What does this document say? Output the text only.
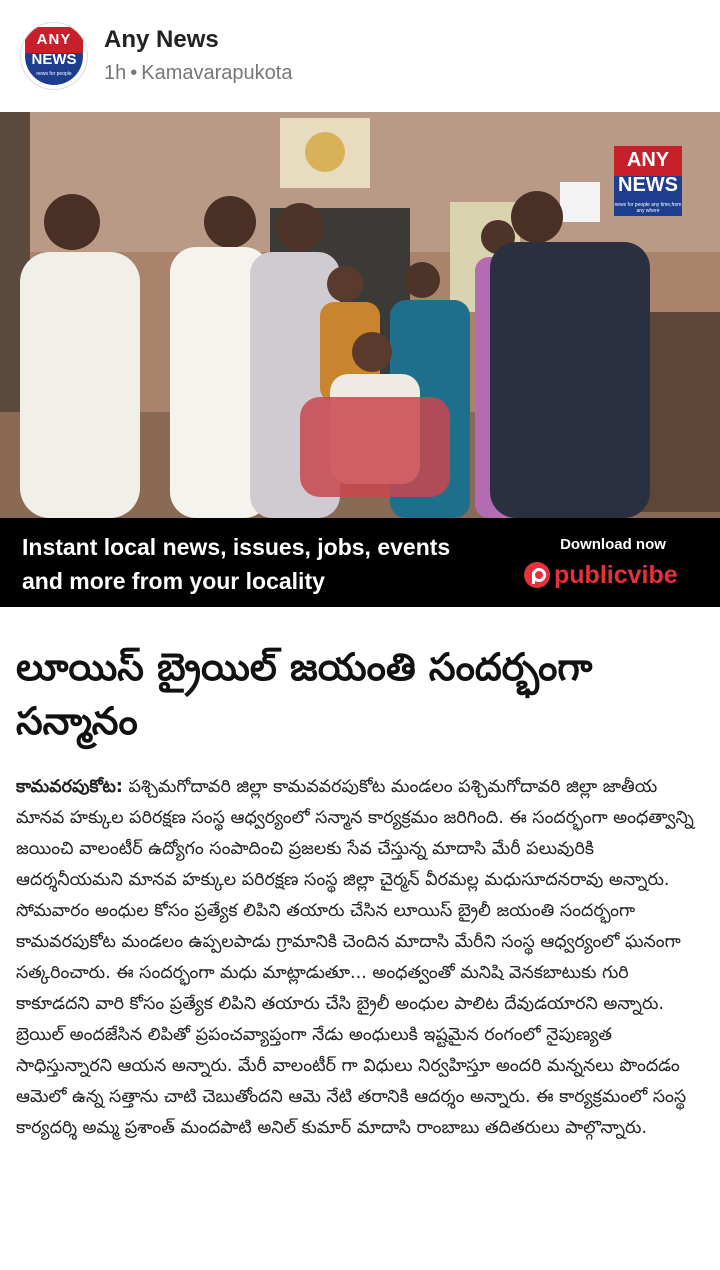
ANY
NEWS
news for people
Any News
1h • Kamavarapukota
ANY
NEWS
news for people any time,from any where
Instant local news, issues, jobs, events and more from your locality
Download now
publicvibe
లూయిస్ బ్రైయిల్ జయంతి సందర్భంగా సన్మానం
కామవరపుకోట: పశ్చిమగోదావరి జిల్లా కామవవరపుకోట మండలం పశ్చిమగోదావరి జిల్లా జాతీయ మానవ హక్కుల పరిరక్షణ సంస్థ ఆధ్వర్యంలో సన్మాన కార్యక్రమం జరిగింది. ఈ సందర్భంగా అంధత్వాన్ని జయించి వాలంటీర్ ఉద్యోగం సంపాదించి ప్రజలకు సేవ చేస్తున్న మాదాసి మేరీ పలువురికి ఆదర్శనీయమని మానవ హక్కుల పరిరక్షణ సంస్థ జిల్లా చైర్మన్ వీరమల్ల మధుసూదనరావు అన్నారు. సోమవారం అంధుల కోసం ప్రత్యేక లిపిని తయారు చేసిన లూయిస్ బ్రైలీ జయంతి సందర్భంగా కామవరపుకోట మండలం ఉప్పలపాడు గ్రామానికి చెందిన మాదాసి మేరీని సంస్థ ఆధ్వర్యంలో ఘనంగా సత్కరించారు. ఈ సందర్భంగా మధు మాట్లాడుతూ... అంధత్వంతో మనిషి వెనకబాటుకు గురి కాకూడదని వారి కోసం ప్రత్యేక లిపిని తయారు చేసి బ్రైలీ అంధుల పాలిట దేవుడయారని అన్నారు. బ్రెయిల్ అందజేసిన లిపితో ప్రపంచవ్యాప్తంగా నేడు అంధులుకి ఇష్టమైన రంగంలో నైపుణ్యత సాధిస్తున్నారని ఆయన అన్నారు. మేరీ వాలంటీర్ గా విధులు నిర్వహిస్తూ అందరి మన్ననలు పొందడం ఆమెలో ఉన్న సత్తాను చాటి చెబుతోందని ఆమె నేటి తరానికి ఆదర్శం అన్నారు. ఈ కార్యక్రమంలో సంస్థ కార్యదర్శి అమ్మ ప్రశాంత్ మందపాటి అనిల్ కుమార్ మాదాసి రాంబాబు తదితరులు పాల్గొన్నారు.
